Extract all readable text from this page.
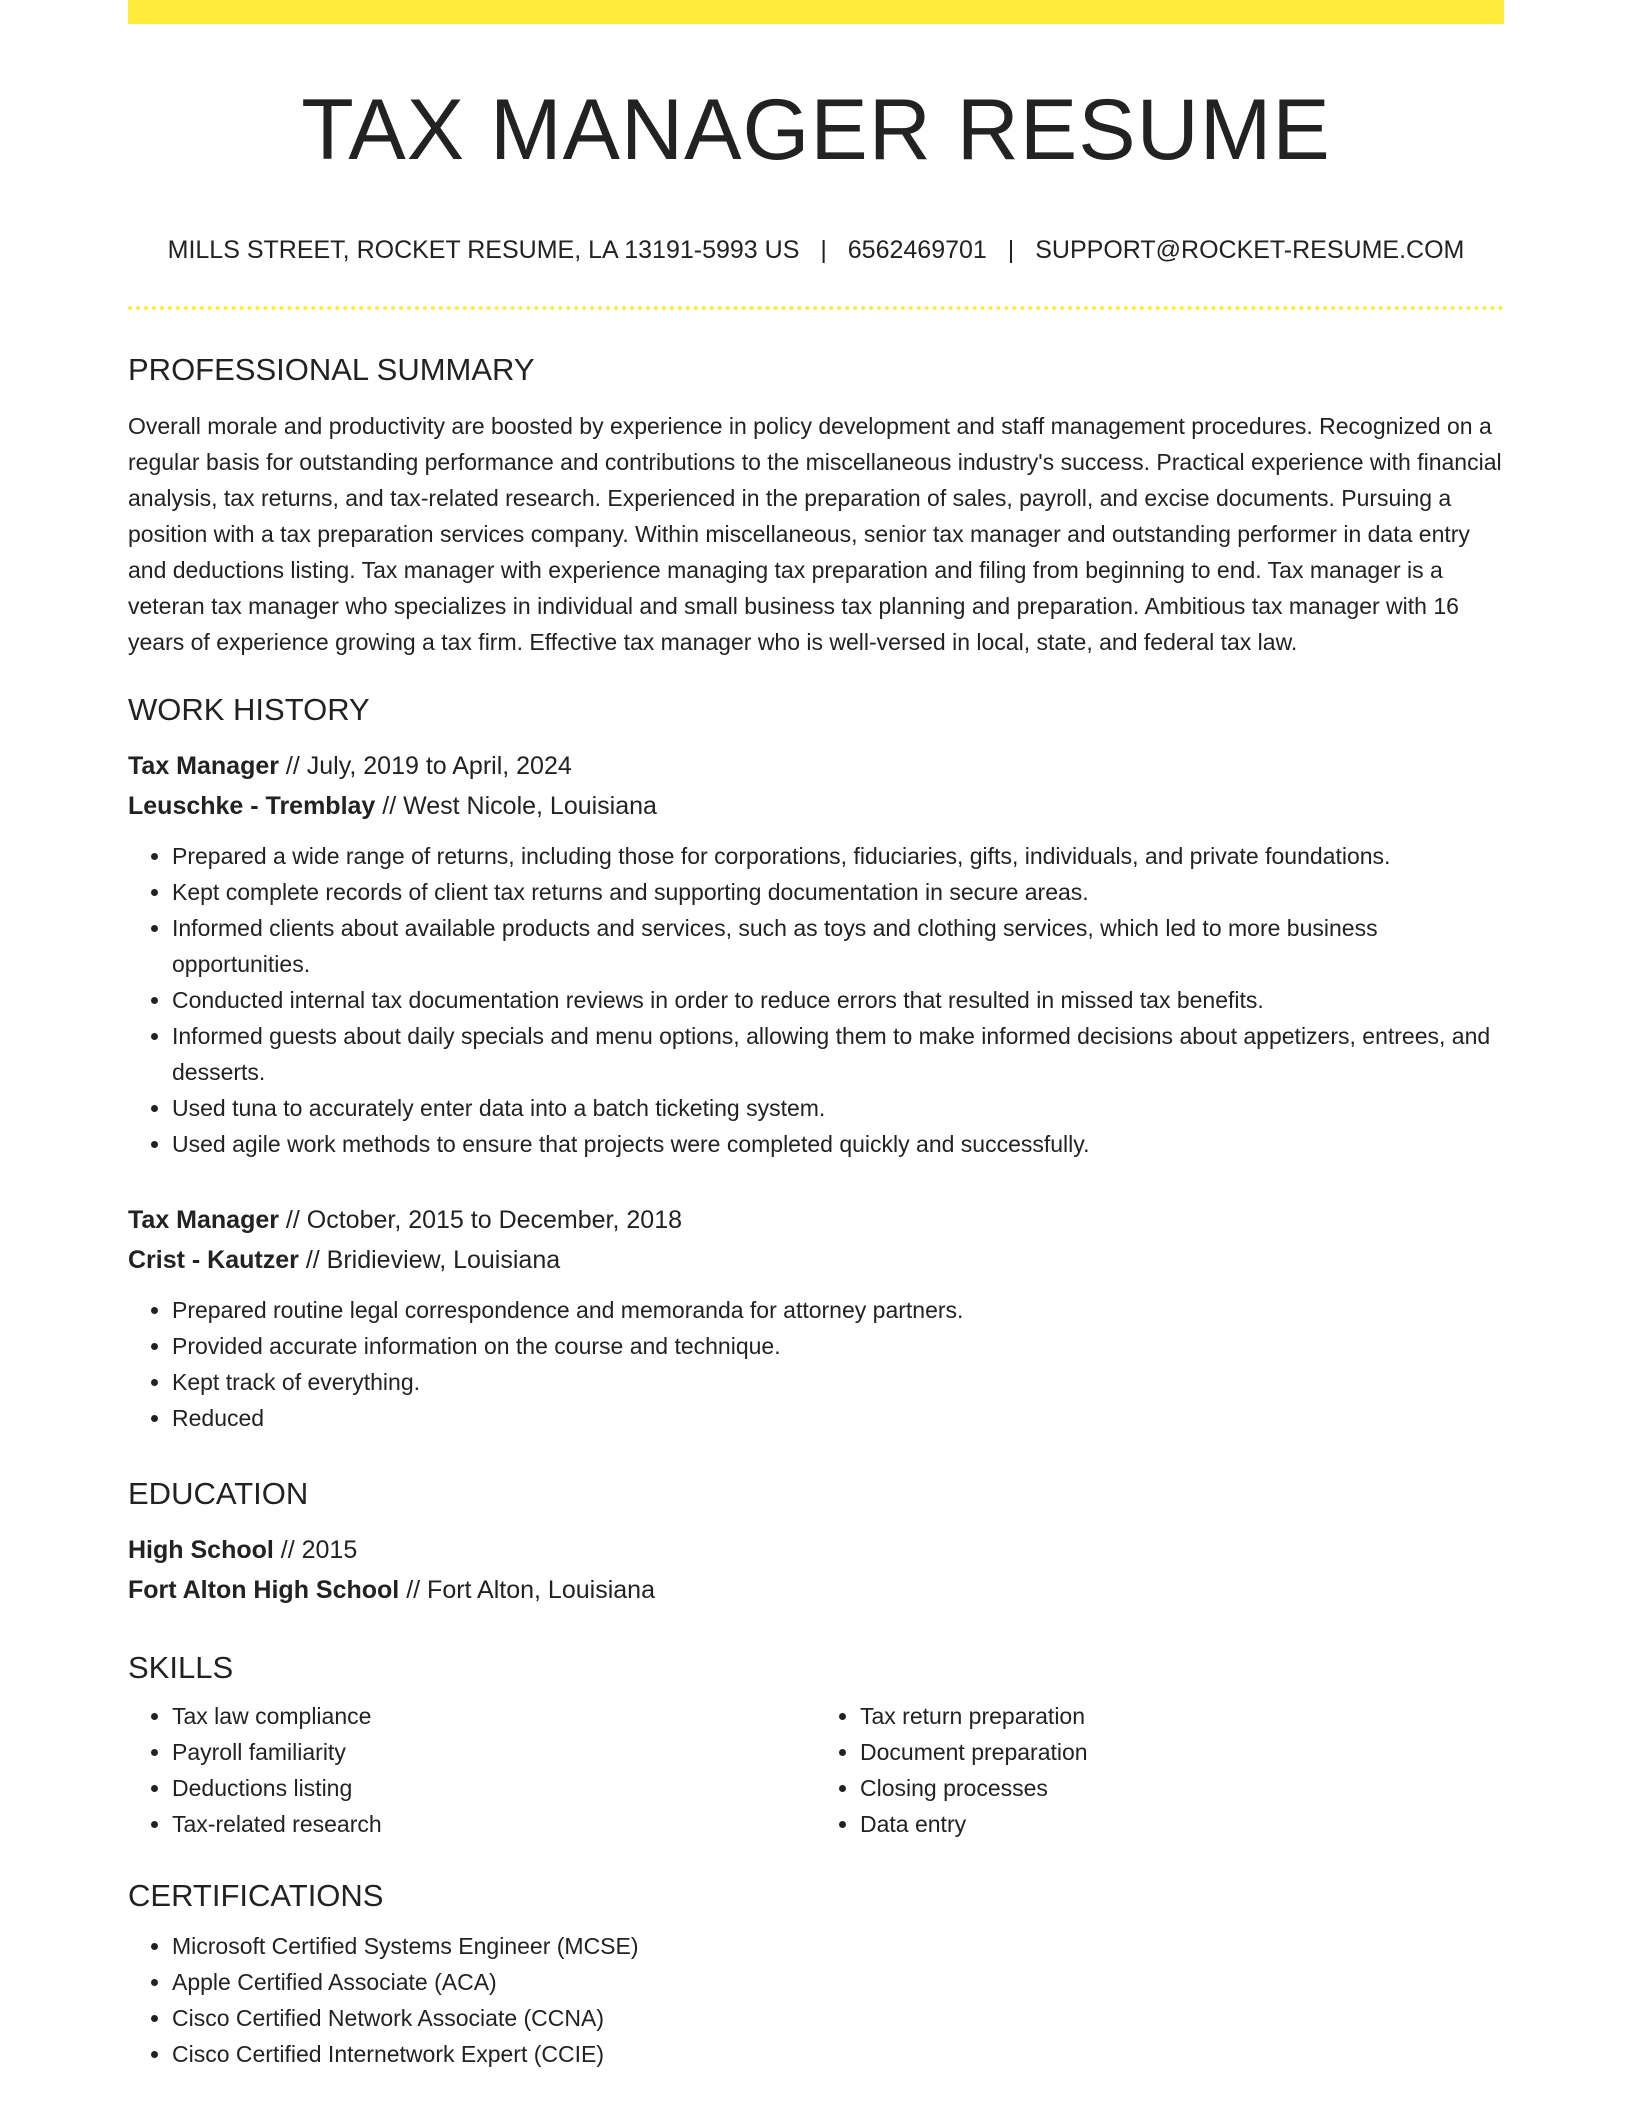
TAX MANAGER RESUME
MILLS STREET, ROCKET RESUME, LA 13191-5993 US | 6562469701 | SUPPORT@ROCKET-RESUME.COM
PROFESSIONAL SUMMARY

Overall morale and productivity are boosted by experience in policy development and staff management procedures. Recognized on a regular basis for outstanding performance and contributions to the miscellaneous industry's success. Practical experience with financial analysis, tax returns, and tax-related research. Experienced in the preparation of sales, payroll, and excise documents. Pursuing a position with a tax preparation services company. Within miscellaneous, senior tax manager and outstanding performer in data entry and deductions listing. Tax manager with experience managing tax preparation and filing from beginning to end. Tax manager is a veteran tax manager who specializes in individual and small business tax planning and preparation. Ambitious tax manager with 16 years of experience growing a tax firm. Effective tax manager who is well-versed in local, state, and federal tax law.

WORK HISTORY
Tax Manager // July, 2019 to April, 2024
Leuschke - Tremblay // West Nicole, Louisiana
• Prepared a wide range of returns, including those for corporations, fiduciaries, gifts, individuals, and private foundations.
• Kept complete records of client tax returns and supporting documentation in secure areas.
• Informed clients about available products and services, such as toys and clothing services, which led to more business opportunities.
• Conducted internal tax documentation reviews in order to reduce errors that resulted in missed tax benefits.
• Informed guests about daily specials and menu options, allowing them to make informed decisions about appetizers, entrees, and desserts.
• Used tuna to accurately enter data into a batch ticketing system.
• Used agile work methods to ensure that projects were completed quickly and successfully.
Tax Manager // October, 2015 to December, 2018
Crist - Kautzer // Bridieview, Louisiana
• Prepared routine legal correspondence and memoranda for attorney partners.
• Provided accurate information on the course and technique.
• Kept track of everything.
• Reduced
EDUCATION
High School // 2015
Fort Alton High School // Fort Alton, Louisiana
SKILLS
• Tax law compliance
• Payroll familiarity
• Deductions listing
• Tax-related research
• Tax return preparation
• Document preparation
• Closing processes
• Data entry
CERTIFICATIONS
• Microsoft Certified Systems Engineer (MCSE)
• Apple Certified Associate (ACA)
• Cisco Certified Network Associate (CCNA)
• Cisco Certified Internetwork Expert (CCIE)
